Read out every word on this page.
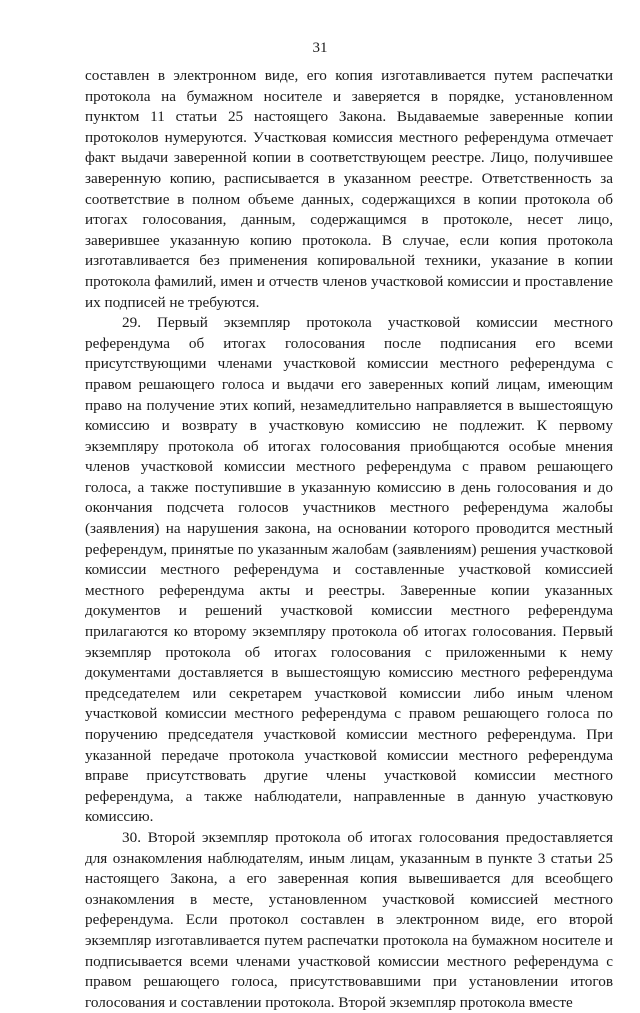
31

составлен в электронном виде, его копия изготавливается путем распечатки протокола на бумажном носителе и заверяется в порядке, установленном пунктом 11 статьи 25 настоящего Закона. Выдаваемые заверенные копии протоколов нумеруются. Участковая комиссия местного референдума отмечает факт выдачи заверенной копии в соответствующем реестре. Лицо, получившее заверенную копию, расписывается в указанном реестре. Ответственность за соответствие в полном объеме данных, содержащихся в копии протокола об итогах голосования, данным, содержащимся в протоколе, несет лицо, заверившее указанную копию протокола. В случае, если копия протокола изготавливается без применения копировальной техники, указание в копии протокола фамилий, имен и отчеств членов участковой комиссии и проставление их подписей не требуются.

29. Первый экземпляр протокола участковой комиссии местного референдума об итогах голосования после подписания его всеми присутствующими членами участковой комиссии местного референдума с правом решающего голоса и выдачи его заверенных копий лицам, имеющим право на получение этих копий, незамедлительно направляется в вышестоящую комиссию и возврату в участковую комиссию не подлежит. К первому экземпляру протокола об итогах голосования приобщаются особые мнения членов участковой комиссии местного референдума с правом решающего голоса, а также поступившие в указанную комиссию в день голосования и до окончания подсчета голосов участников местного референдума жалобы (заявления) на нарушения закона, на основании которого проводится местный референдум, принятые по указанным жалобам (заявлениям) решения участковой комиссии местного референдума и составленные участковой комиссией местного референдума акты и реестры. Заверенные копии указанных документов и решений участковой комиссии местного референдума прилагаются ко второму экземпляру протокола об итогах голосования. Первый экземпляр протокола об итогах голосования с приложенными к нему документами доставляется в вышестоящую комиссию местного референдума председателем или секретарем участковой комиссии либо иным членом участковой комиссии местного референдума с правом решающего голоса по поручению председателя участковой комиссии местного референдума. При указанной передаче протокола участковой комиссии местного референдума вправе присутствовать другие члены участковой комиссии местного референдума, а также наблюдатели, направленные в данную участковую комиссию.

30. Второй экземпляр протокола об итогах голосования предоставляется для ознакомления наблюдателям, иным лицам, указанным в пункте 3 статьи 25 настоящего Закона, а его заверенная копия вывешивается для всеобщего ознакомления в месте, установленном участковой комиссией местного референдума. Если протокол составлен в электронном виде, его второй экземпляр изготавливается путем распечатки протокола на бумажном носителе и подписывается всеми членами участковой комиссии местного референдума с правом решающего голоса, присутствовавшими при установлении итогов голосования и составлении протокола. Второй экземпляр протокола вместе
